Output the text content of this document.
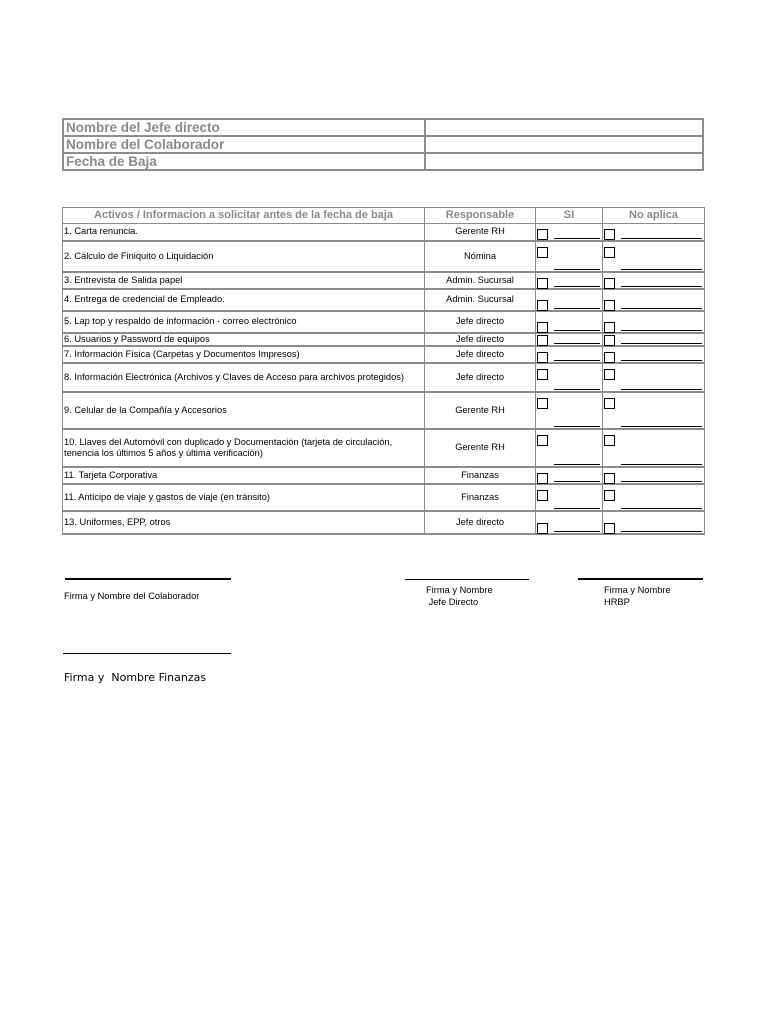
Nombre del Jefe directo	
Nombre del Colaborador	
Fecha de Baja	
Activos / Informacion a solicitar antes de la fecha de baja	Responsable	SI	No aplica
1. Carta renuncia.	Gerente RH	

2. Cálculo de Finiquito o Liquidación	Nómina	

3. Entrevista de Salida papel	Admin. Sucursal	

4. Entrega de credencial de Empleado.	Admin. Sucursal	

5. Lap top y respaldo de información - correo electrónico	Jefe directo	

6. Usuarios y Password de equipos	Jefe directo	

7. Información Física (Carpetas y Documentos Impresos)	Jefe directo	

8. Información Electrónica (Archivos y Claves de Acceso para archivos protegidos)	Jefe directo	

9. Celular de la Compañía y Accesorios	Gerente RH	

10. Llaves del Automóvil con duplicado y Documentación (tarjeta de circulación, tenencia los últimos 5 años y última verificación)	Gerente RH	

11. Tarjeta Corporativa	Finanzas	

11. Anticipo de viaje y gastos de viaje (en tránsito)	Finanzas	

13. Uniformes, EPP, otros	Jefe directo	

Firma y Nombre del Colaborador
Firma y Nombre
Jefe Directo
Firma y Nombre
HRBP
Firma y  Nombre Finanzas
